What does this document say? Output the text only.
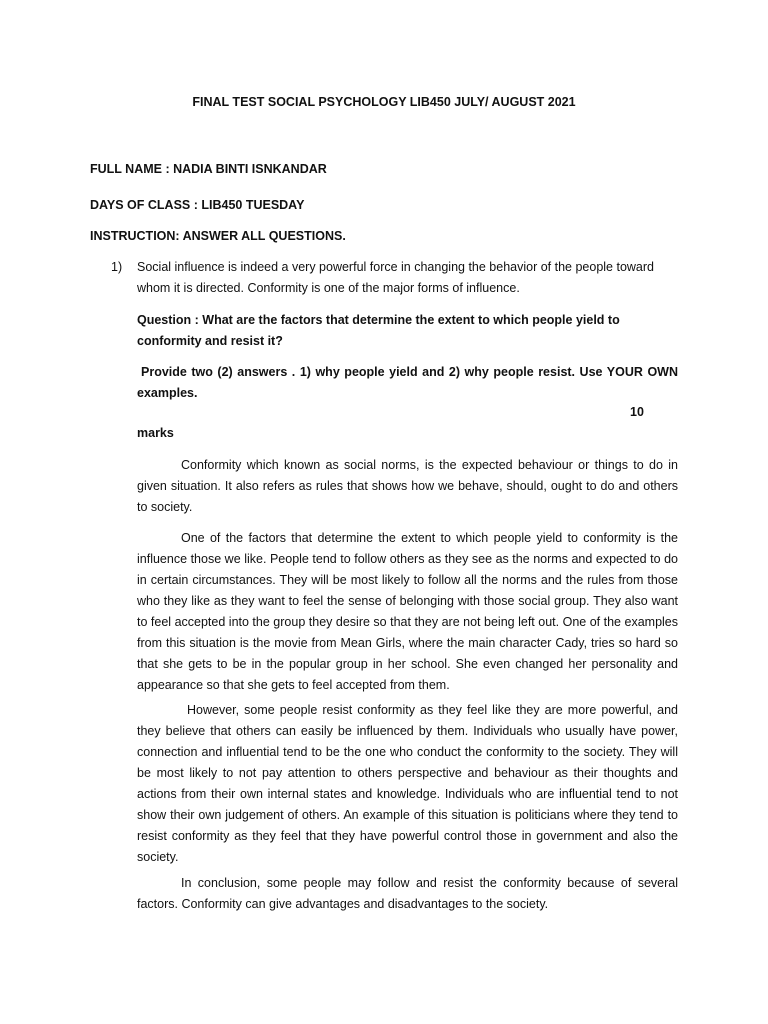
FINAL TEST SOCIAL PSYCHOLOGY LIB450 JULY/ AUGUST 2021
FULL NAME : NADIA BINTI ISNKANDAR
DAYS OF CLASS : LIB450 TUESDAY
INSTRUCTION: ANSWER ALL QUESTIONS.
1) Social influence is indeed a very powerful force in changing the behavior of the people toward whom it is directed. Conformity is one of the major forms of influence.

Question : What are the factors that determine the extent to which people yield to conformity and resist it?

Provide two (2) answers . 1) why people yield and 2) why people resist. Use YOUR OWN examples.

10
marks

Conformity which known as social norms, is the expected behaviour or things to do in given situation. It also refers as rules that shows how we behave, should, ought to do and others to society.

One of the factors that determine the extent to which people yield to conformity is the influence those we like. People tend to follow others as they see as the norms and expected to do in certain circumstances. They will be most likely to follow all the norms and the rules from those who they like as they want to feel the sense of belonging with those social group. They also want to feel accepted into the group they desire so that they are not being left out. One of the examples from this situation is the movie from Mean Girls, where the main character Cady, tries so hard so that she gets to be in the popular group in her school. She even changed her personality and appearance so that she gets to feel accepted from them.

However, some people resist conformity as they feel like they are more powerful, and they believe that others can easily be influenced by them. Individuals who usually have power, connection and influential tend to be the one who conduct the conformity to the society. They will be most likely to not pay attention to others perspective and behaviour as their thoughts and actions from their own internal states and knowledge. Individuals who are influential tend to not show their own judgement of others. An example of this situation is politicians where they tend to resist conformity as they feel that they have powerful control those in government and also the society.

In conclusion, some people may follow and resist the conformity because of several factors. Conformity can give advantages and disadvantages to the society.
